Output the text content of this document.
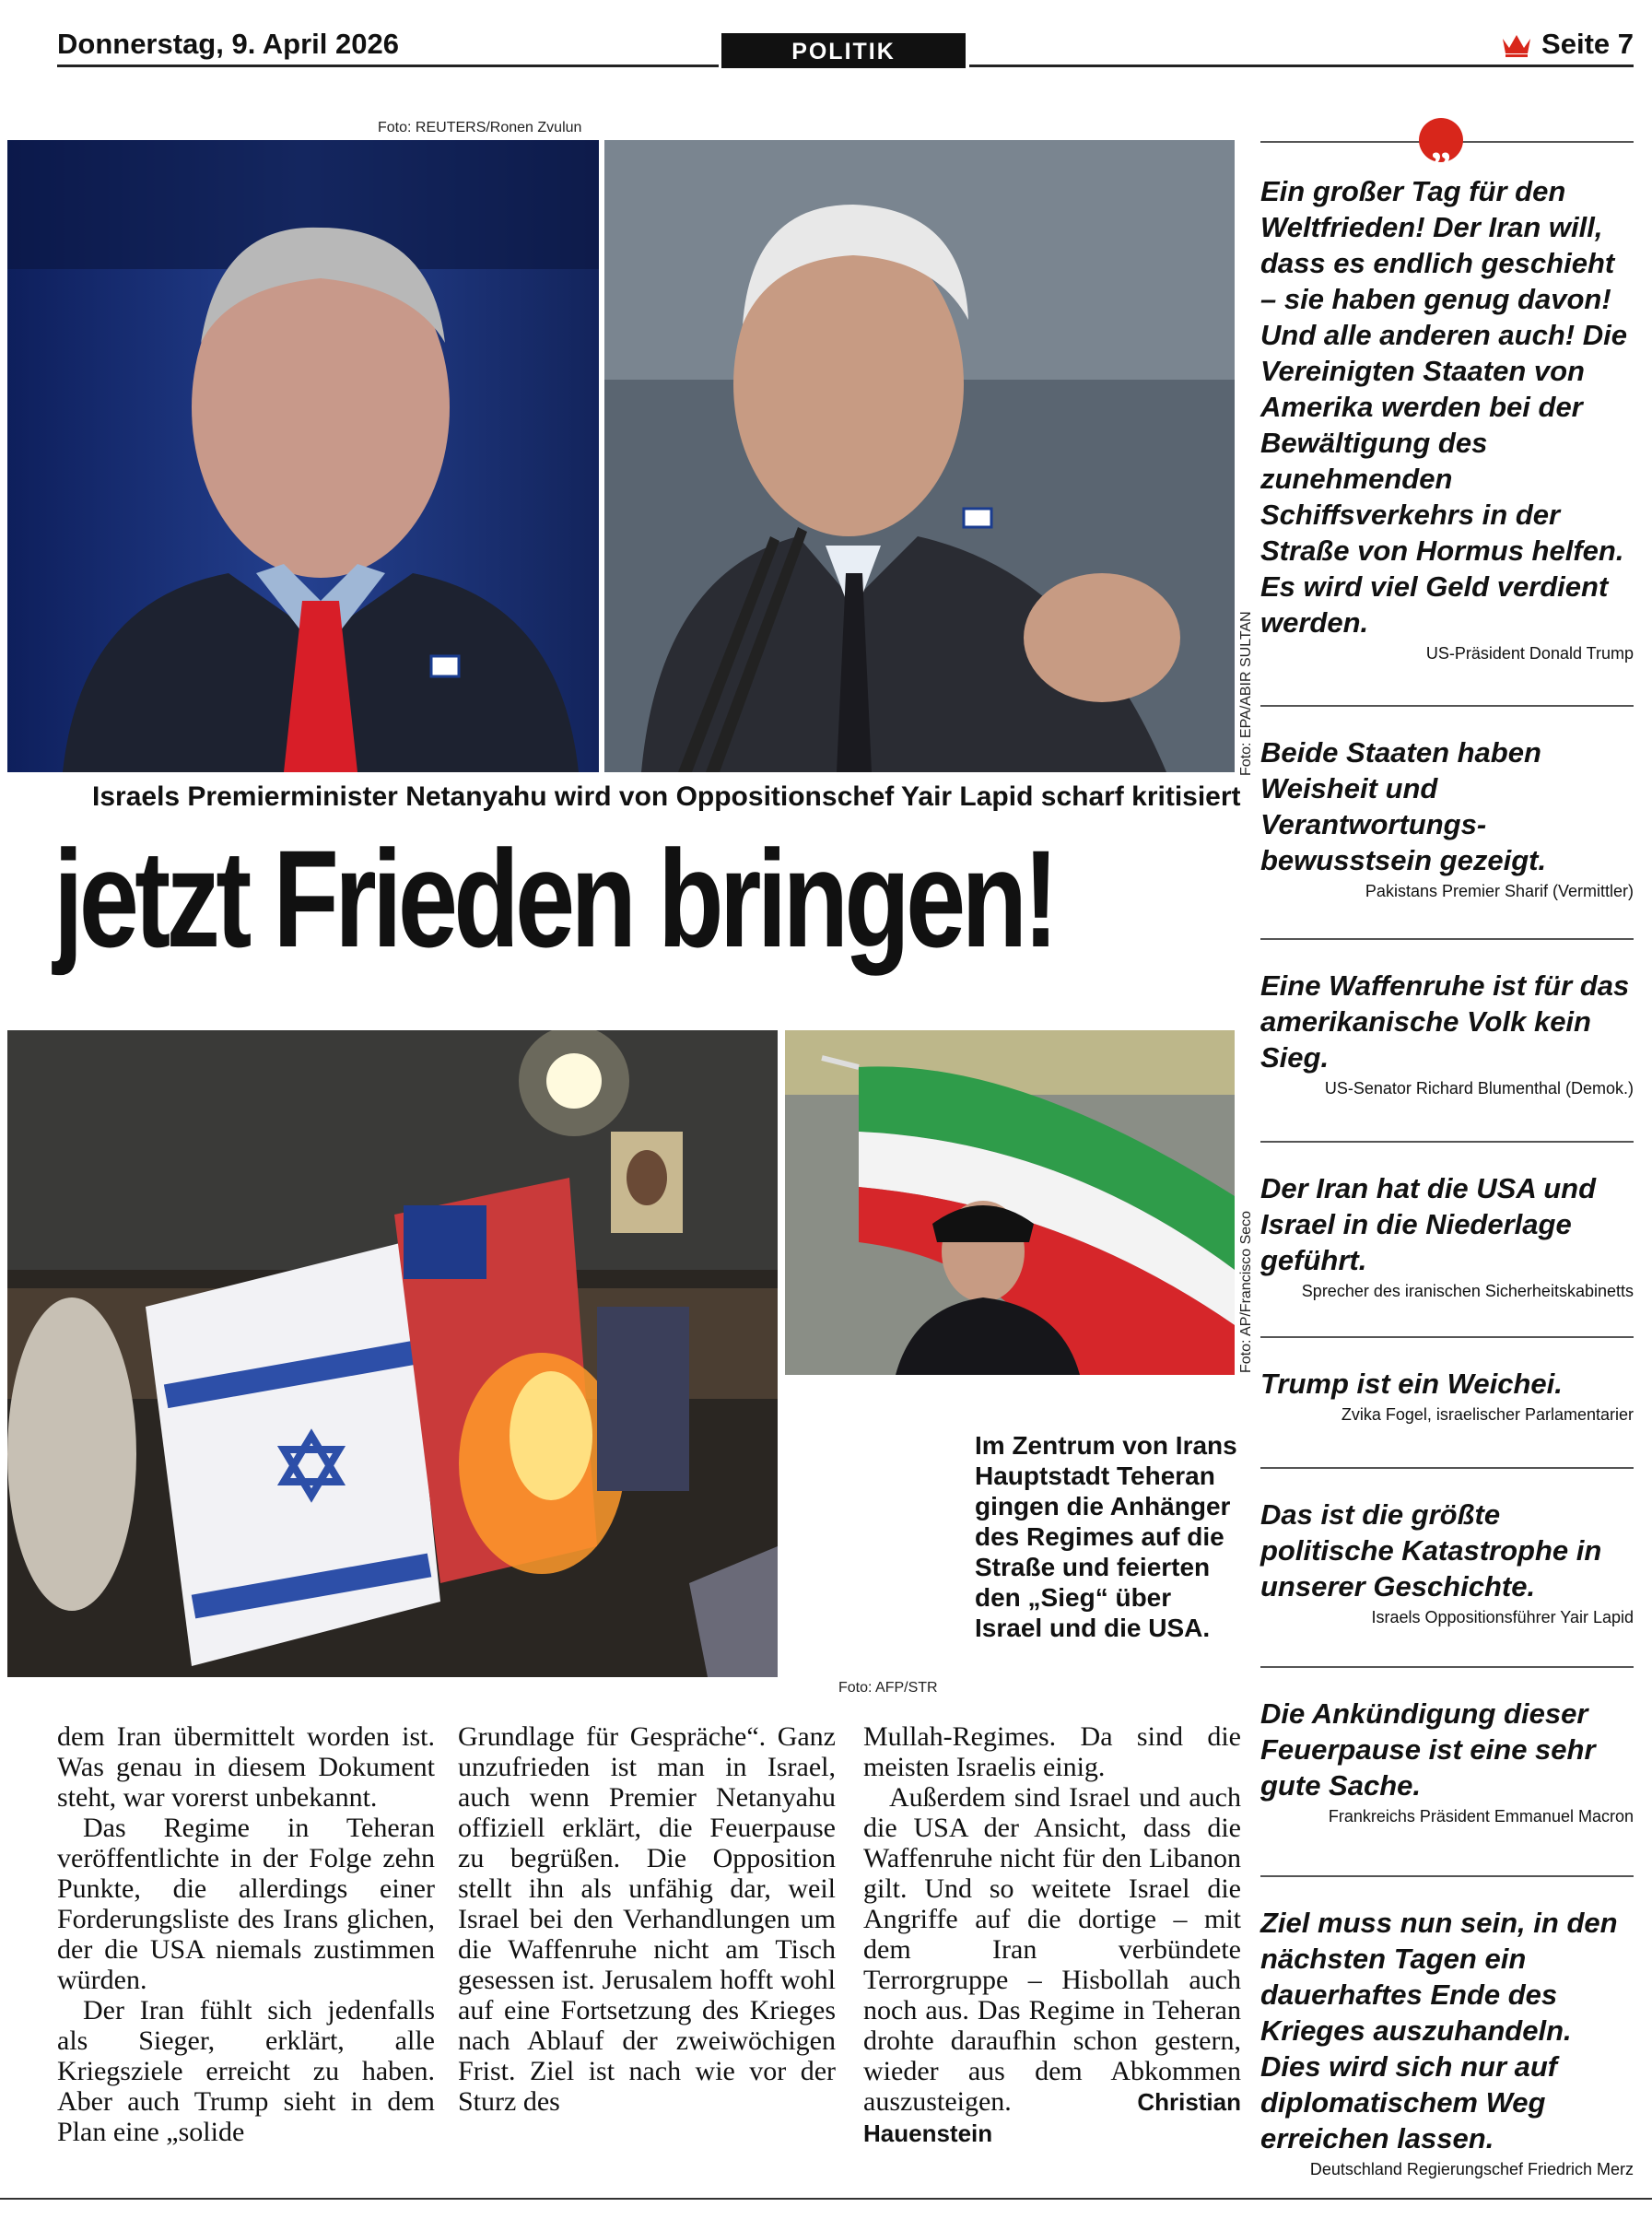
Donnerstag, 9. April 2026	POLITIK	Seite 7
Foto: REUTERS/Ronen Zvulun
Foto: EPA/ABIR SULTAN
Israels Premierminister Netanyahu wird von Oppositionschef Yair Lapid scharf kritisiert
jetzt Frieden bringen!
Foto: AP/Francisco Seco
Im Zentrum von Irans Hauptstadt Teheran gingen die Anhänger des Regimes auf die Straße und feierten den „Sieg“ über Israel und die USA.
Foto: AFP/STR

dem Iran übermittelt worden ist. Was genau in diesem Dokument steht, war vorerst unbekannt.

Das Regime in Teheran veröffentlichte in der Folge zehn Punkte, die allerdings einer Forderungsliste des Irans glichen, der die USA niemals zustimmen würden.

Der Iran fühlt sich jedenfalls als Sieger, erklärt, alle Kriegsziele erreicht zu haben. Aber auch Trump sieht in dem Plan eine „solide

Grundlage für Gespräche“. Ganz unzufrieden ist man in Israel, auch wenn Premier Netanyahu offiziell erklärt, die Feuerpause zu begrüßen. Die Opposition stellt ihn als unfähig dar, weil Israel bei den Verhandlungen um die Waffenruhe nicht am Tisch gesessen ist. Jerusalem hofft wohl auf eine Fortsetzung des Krieges nach Ablauf der zweiwöchigen Frist. Ziel ist nach wie vor der Sturz des

Mullah-Regimes. Da sind die meisten Israelis einig.

Außerdem sind Israel und auch die USA der Ansicht, dass die Waffenruhe nicht für den Libanon gilt. Und so weitete Israel die Angriffe auf die dortige – mit dem Iran verbündete Terrorgruppe – Hisbollah auch noch aus. Das Regime in Teheran drohte daraufhin schon gestern, wieder aus dem Abkommen auszusteigen.	Christian Hauenstein

„
Ein großer Tag für den Weltfrieden! Der Iran will, dass es endlich geschieht – sie haben genug davon! Und alle anderen auch! Die Vereinigten Staaten von Amerika werden bei der Bewältigung des zunehmenden Schiffsverkehrs in der Straße von Hormus helfen. Es wird viel Geld verdient werden.
US-Präsident Donald Trump
Beide Staaten haben Weisheit und Verantwortungs-bewusstsein gezeigt.
Pakistans Premier Sharif (Vermittler)
Eine Waffenruhe ist für das amerikanische Volk kein Sieg.
US-Senator Richard Blumenthal (Demok.)
Der Iran hat die USA und Israel in die Niederlage geführt.
Sprecher des iranischen Sicherheitskabinetts
Trump ist ein Weichei.
Zvika Fogel, israelischer Parlamentarier
Das ist die größte politische Katastrophe in unserer Geschichte.
Israels Oppositionsführer Yair Lapid
Die Ankündigung dieser Feuerpause ist eine sehr gute Sache.
Frankreichs Präsident Emmanuel Macron
Ziel muss nun sein, in den nächsten Tagen ein dauerhaftes Ende des Krieges auszuhandeln. Dies wird sich nur auf diplomatischem Weg erreichen lassen.
Deutschland Regierungschef Friedrich Merz
